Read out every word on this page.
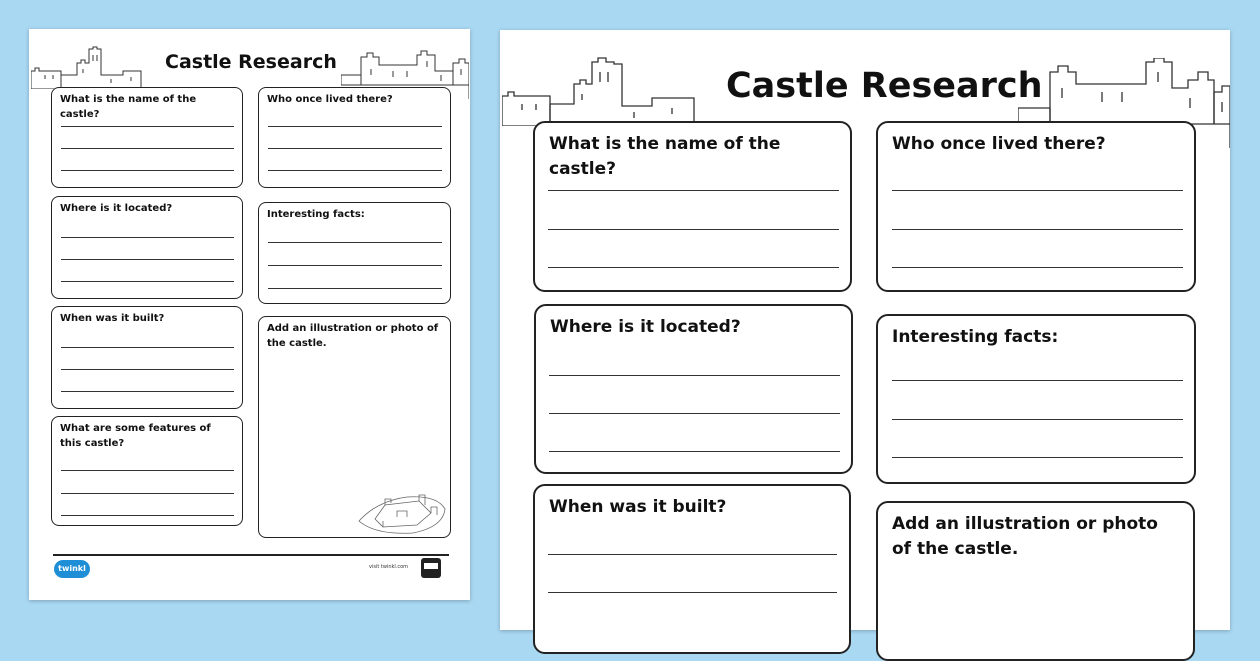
Castle Research
What is the name of the castle?
Where is it located?
When was it built?
What are some features of this castle?
Who once lived there?
Interesting facts:
Add an illustration or photo of the castle.
twinkl	visit twinkl.com
Castle Research
What is the name of the castle?
Where is it located?
When was it built?
Who once lived there?
Interesting facts:
Add an illustration or photo of the castle.
